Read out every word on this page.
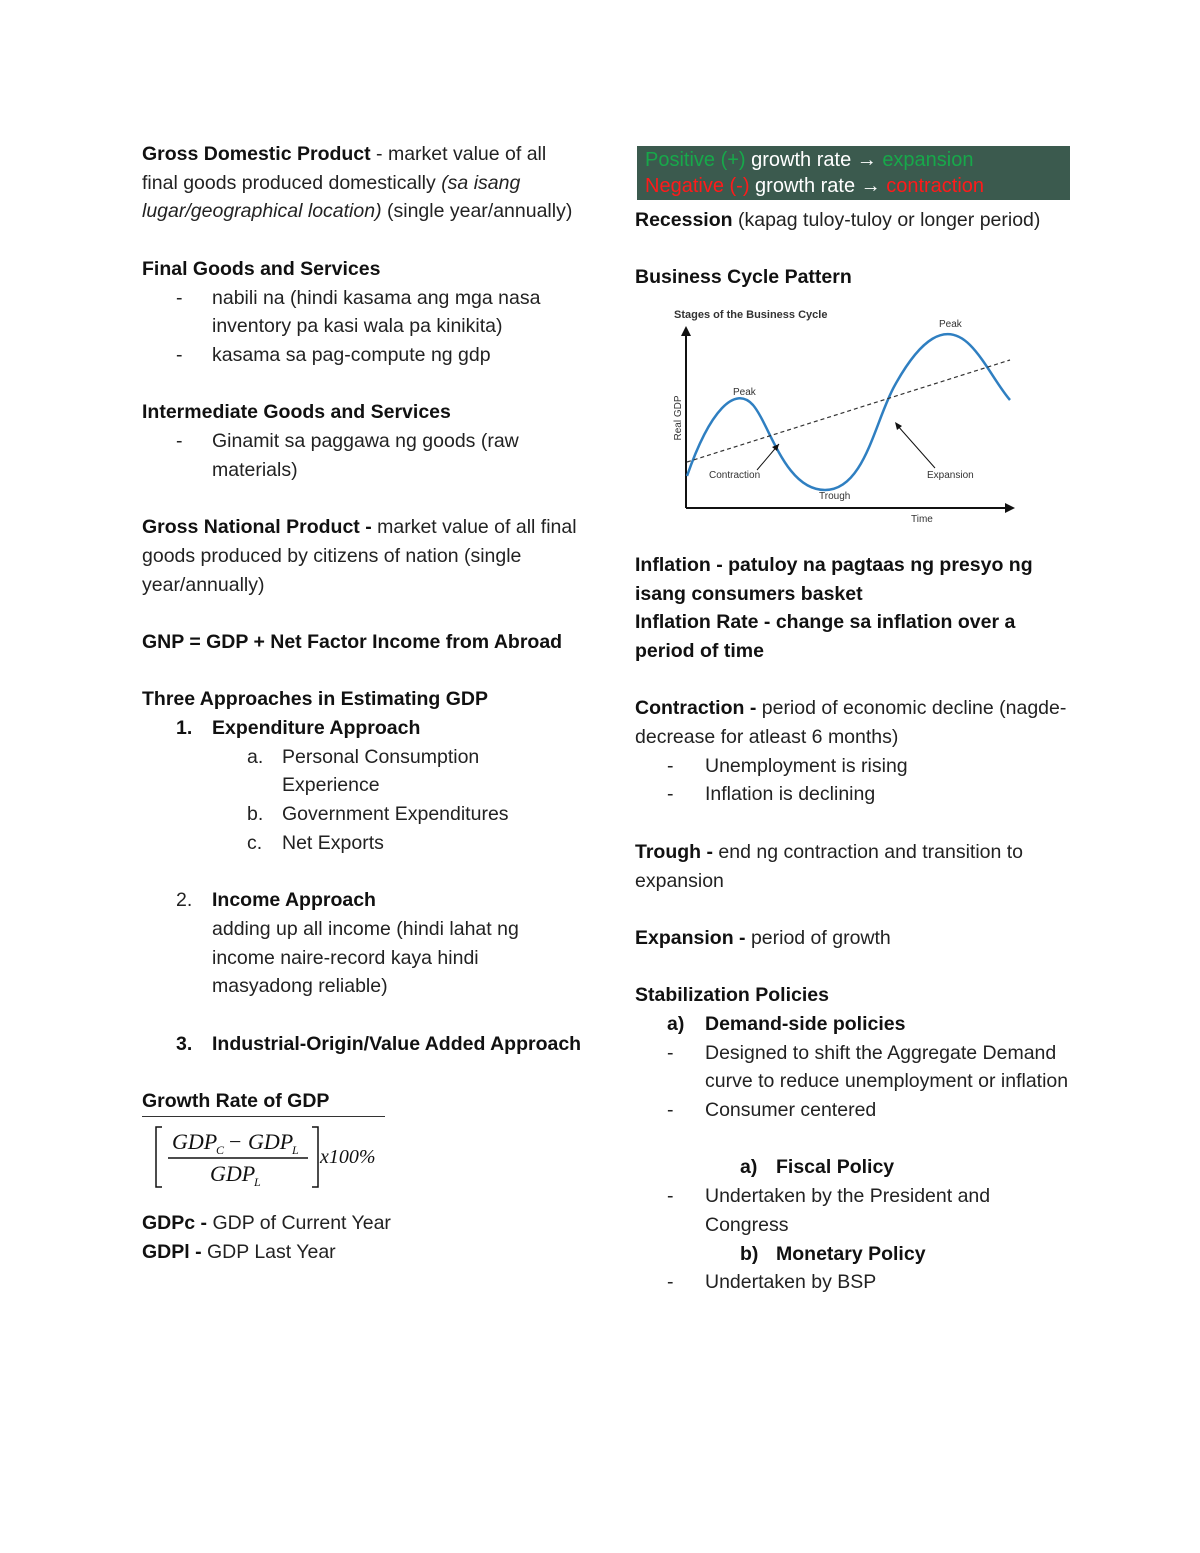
Gross Domestic Product - market value of all final goods produced domestically (sa isang lugar/geographical location) (single year/annually)

Final Goods and Services

- nabili na (hindi kasama ang mga nasa inventory pa kasi wala pa kinikita)
- kasama sa pag-compute ng gdp

Intermediate Goods and Services

- Ginamit sa paggawa ng goods (raw materials)

Gross National Product - market value of all final goods produced by citizens of nation (single year/annually)

GNP = GDP + Net Factor Income from Abroad

Three Approaches in Estimating GDP

1. Expenditure Approach
a. Personal Consumption Experience
b. Government Expenditures
c. Net Exports
2. Income Approach
adding up all income (hindi lahat ng income naire-record kaya hindi masyadong reliable)
3. Industrial-Origin/Value Added Approach

Growth Rate of GDP

GDP
C − GDP
L
GDP
L
x100%

GDPc - GDP of Current Year

GDPl - GDP Last Year

Positive (+) growth rate → expansion
Negative (-) growth rate → contraction

Recession (kapag tuloy-tuloy or longer period)

Business Cycle Pattern

Stages of the Business Cycle
Real GDP
Time
Peak
Peak
Contraction
Trough
Expansion

Inflation - patuloy na pagtaas ng presyo ng isang consumers basket

Inflation Rate - change sa inflation over a period of time

Contraction - period of economic decline (nagde-decrease for atleast 6 months)

- Unemployment is rising
- Inflation is declining

Trough - end ng contraction and transition to expansion

Expansion - period of growth

Stabilization Policies

a) Demand-side policies
- Designed to shift the Aggregate Demand curve to reduce unemployment or inflation
- Consumer centered
a) Fiscal Policy
- Undertaken by the President and Congress
b) Monetary Policy
- Undertaken by BSP
